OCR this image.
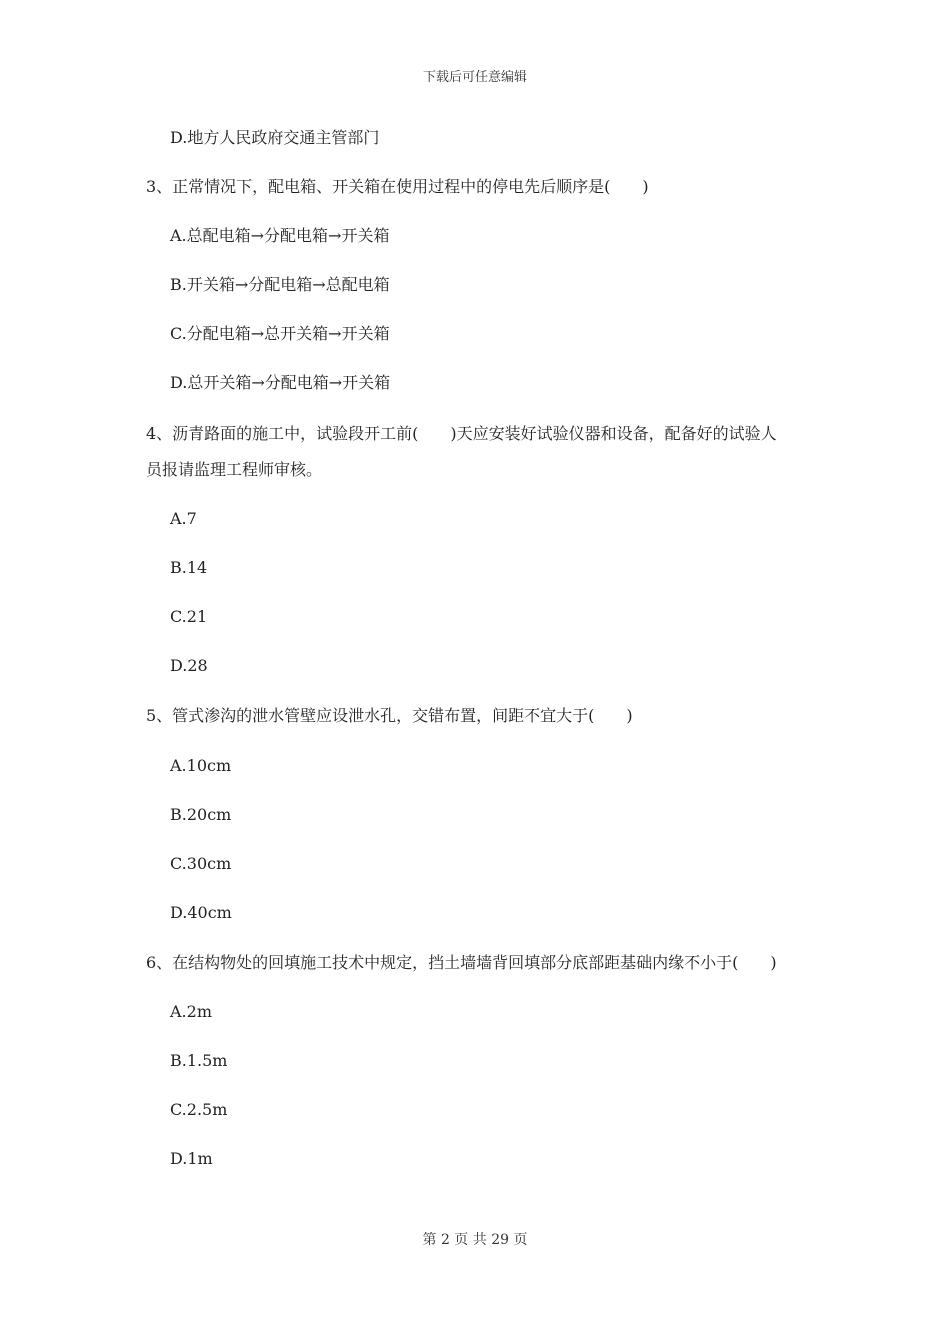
下载后可任意编辑
D.地方人民政府交通主管部门
3、正常情况下，配电箱、开关箱在使用过程中的停电先后顺序是(　　)
A.总配电箱→分配电箱→开关箱
B.开关箱→分配电箱→总配电箱
C.分配电箱→总开关箱→开关箱
D.总开关箱→分配电箱→开关箱
4、沥青路面的施工中，试验段开工前(　　)天应安装好试验仪器和设备，配备好的试验人
员报请监理工程师审核。
A.7
B.14
C.21
D.28
5、管式渗沟的泄水管壁应设泄水孔，交错布置，间距不宜大于(　　)
A.10cm
B.20cm
C.30cm
D.40cm
6、在结构物处的回填施工技术中规定，挡土墙墙背回填部分底部距基础内缘不小于(　　)
A.2m
B.1.5m
C.2.5m
D.1m
第 2 页 共 29 页
